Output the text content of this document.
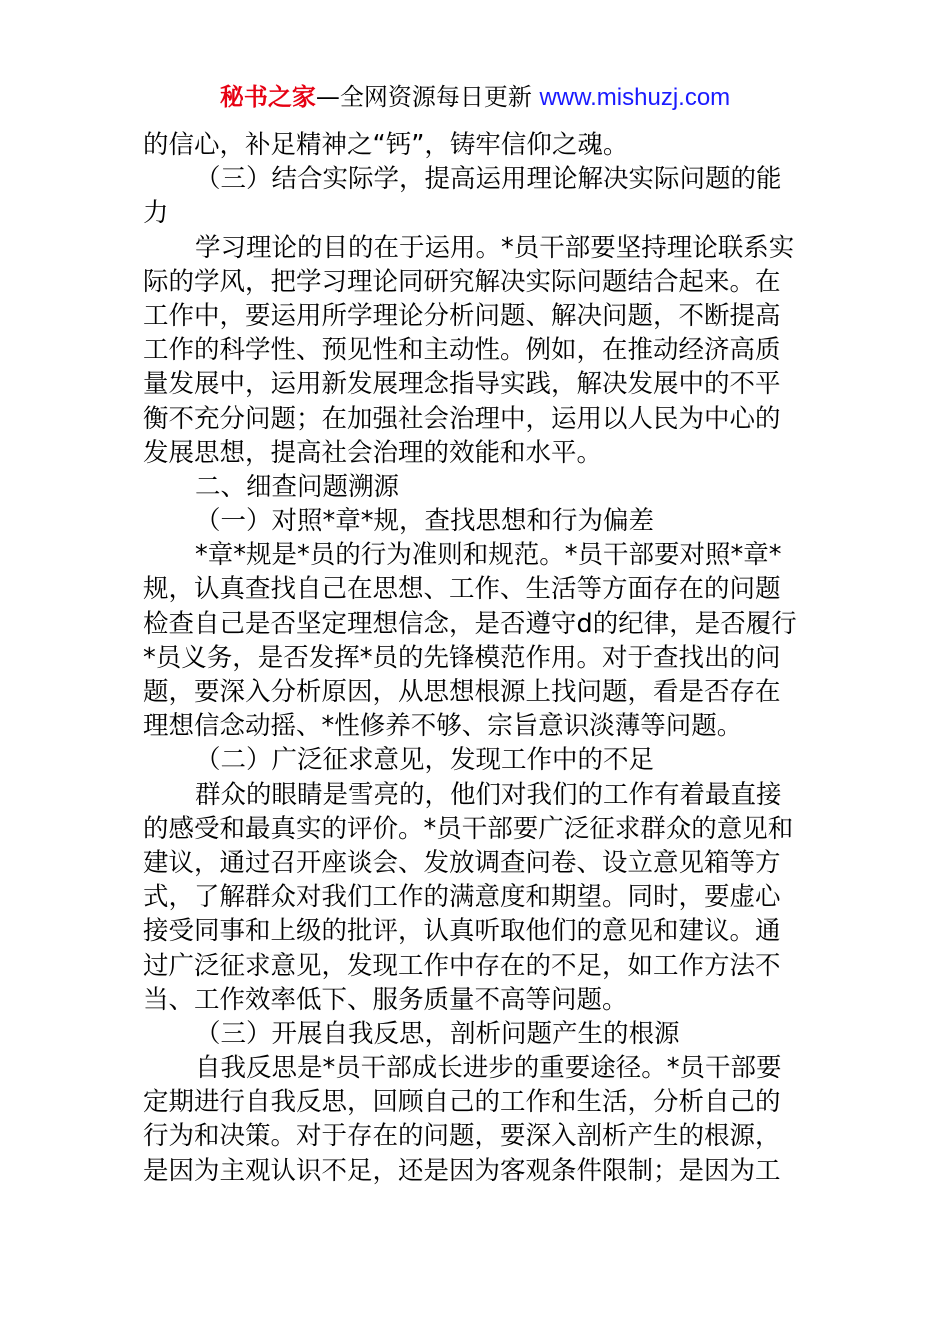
秘书之家—全网资源每日更新 www.mishuzj.com
的信心，补足精神之“钙”，铸牢信仰之魂。
（三）结合实际学，提高运用理论解决实际问题的能
力
学习理论的目的在于运用。*员干部要坚持理论联系实
际的学风，把学习理论同研究解决实际问题结合起来。在
工作中，要运用所学理论分析问题、解决问题，不断提高
工作的科学性、预见性和主动性。例如，在推动经济高质
量发展中，运用新发展理念指导实践，解决发展中的不平
衡不充分问题；在加强社会治理中，运用以人民为中心的
发展思想，提高社会治理的效能和水平。
二、细查问题溯源
（一）对照*章*规，查找思想和行为偏差
*章*规是*员的行为准则和规范。*员干部要对照*章*
规，认真查找自己在思想、工作、生活等方面存在的问题
检查自己是否坚定理想信念，是否遵守d的纪律，是否履行
*员义务，是否发挥*员的先锋模范作用。对于查找出的问
题，要深入分析原因，从思想根源上找问题，看是否存在
理想信念动摇、*性修养不够、宗旨意识淡薄等问题。
（二）广泛征求意见，发现工作中的不足
群众的眼睛是雪亮的，他们对我们的工作有着最直接
的感受和最真实的评价。*员干部要广泛征求群众的意见和
建议，通过召开座谈会、发放调查问卷、设立意见箱等方
式，了解群众对我们工作的满意度和期望。同时，要虚心
接受同事和上级的批评，认真听取他们的意见和建议。通
过广泛征求意见，发现工作中存在的不足，如工作方法不
当、工作效率低下、服务质量不高等问题。
（三）开展自我反思，剖析问题产生的根源
自我反思是*员干部成长进步的重要途径。*员干部要
定期进行自我反思，回顾自己的工作和生活，分析自己的
行为和决策。对于存在的问题，要深入剖析产生的根源，
是因为主观认识不足，还是因为客观条件限制；是因为工
